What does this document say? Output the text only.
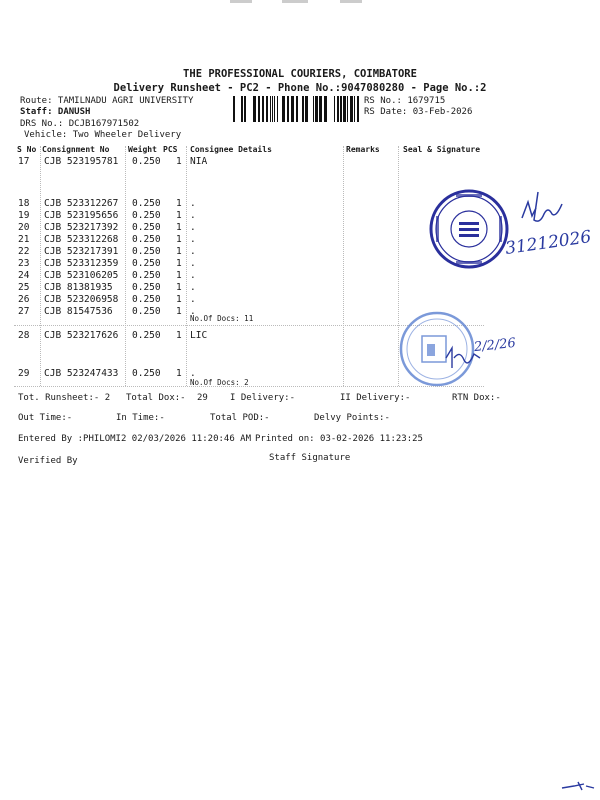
THE PROFESSIONAL COURIERS, COIMBATORE
Delivery Runsheet - PC2 - Phone No.:9047080280 - Page No.:2
Route: TAMILNADU AGRI UNIVERSITY
Staff: DANUSH
DRS No.: DCJB167971502
Vehicle: Two Wheeler Delivery
RS No.: 1679715
RS Date: 03-Feb-2026
S No Consignment No Weight PCS Consignee Details	Remarks	Seal & Signature
17 CJB 523195781 0.250 1 NIA
18 CJB 523312267 0.250 1 .
19 CJB 523195656 0.250 1 .
20 CJB 523217392 0.250 1 .
21 CJB 523312268 0.250 1 .
22 CJB 523217391 0.250 1 .
23 CJB 523312359 0.250 1 .
24 CJB 523106205 0.250 1 .
25 CJB 81381935 0.250 1 .
26 CJB 523206958 0.250 1 .
27 CJB 81547536 0.250 1 .
28 CJB 523217626 0.250 1 LIC
29 CJB 523247433 0.250 1 .
No.Of Docs: 11
No.Of Docs: 2
31212026
2/2/26
Tot. Runsheet:- 2 Total Dox:- 29 I Delivery:-	II Delivery:-	RTN Dox:-
Out Time:-	In Time:-	Total POD:-	Delvy Points:-
Entered By :PHILOMI2 02/03/2026 11:20:46 AM Printed on: 03-02-2026 11:23:25
Verified By	Staff Signature
